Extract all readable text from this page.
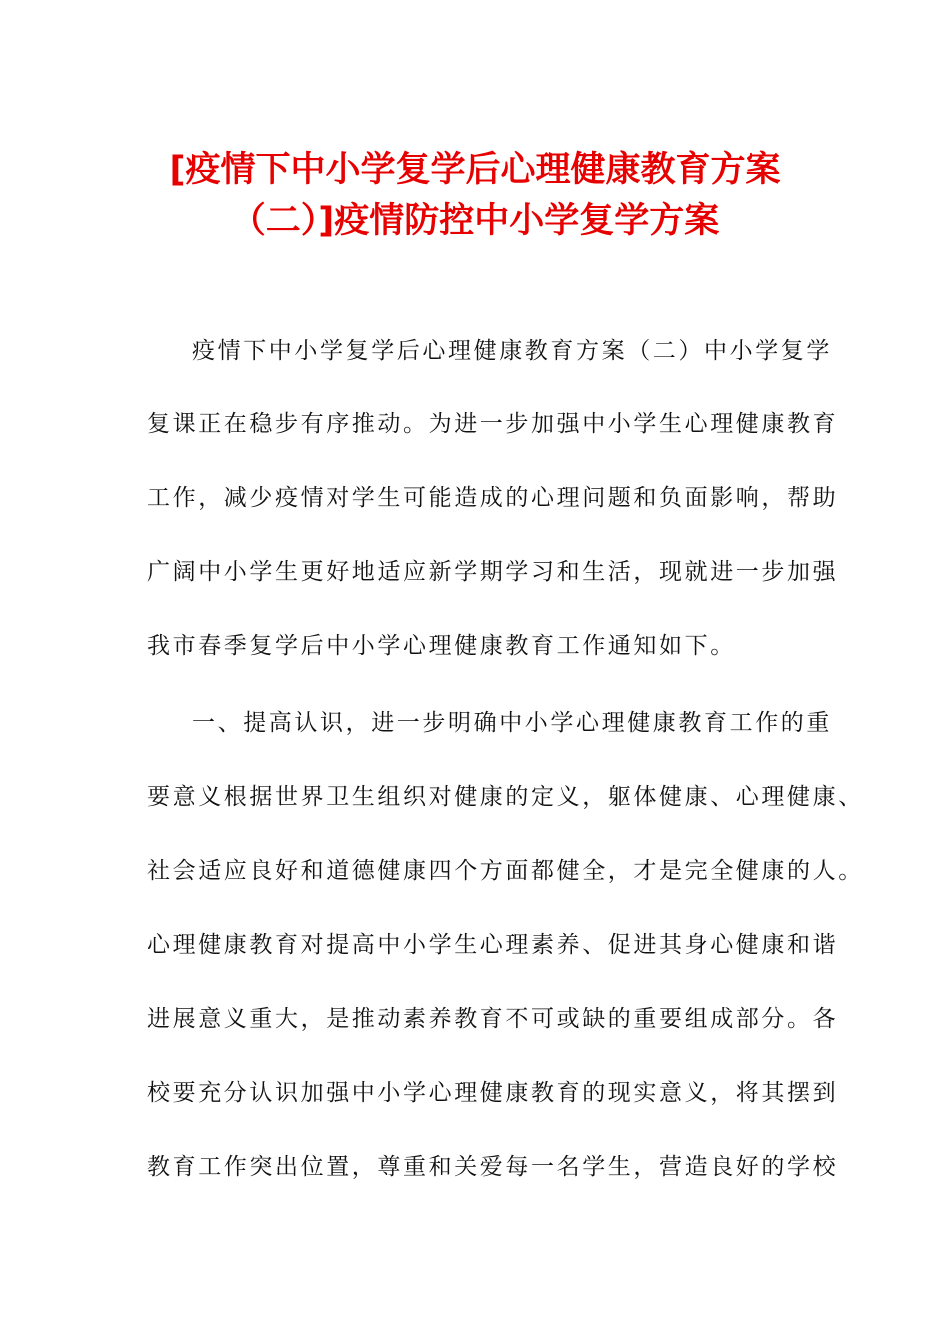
[疫情下中小学复学后心理健康教育方案
（二）]疫情防控中小学复学方案
疫情下中小学复学后心理健康教育方案（二）中小学复学
复课正在稳步有序推动。为进一步加强中小学生心理健康教育
工作，减少疫情对学生可能造成的心理问题和负面影响，帮助
广阔中小学生更好地适应新学期学习和生活，现就进一步加强
我市春季复学后中小学心理健康教育工作通知如下。
一、提高认识，进一步明确中小学心理健康教育工作的重
要意义根据世界卫生组织对健康的定义，躯体健康、心理健康、
社会适应良好和道德健康四个方面都健全，才是完全健康的人。
心理健康教育对提高中小学生心理素养、促进其身心健康和谐
进展意义重大，是推动素养教育不可或缺的重要组成部分。各
校要充分认识加强中小学心理健康教育的现实意义，将其摆到
教育工作突出位置，尊重和关爱每一名学生，营造良好的学校
